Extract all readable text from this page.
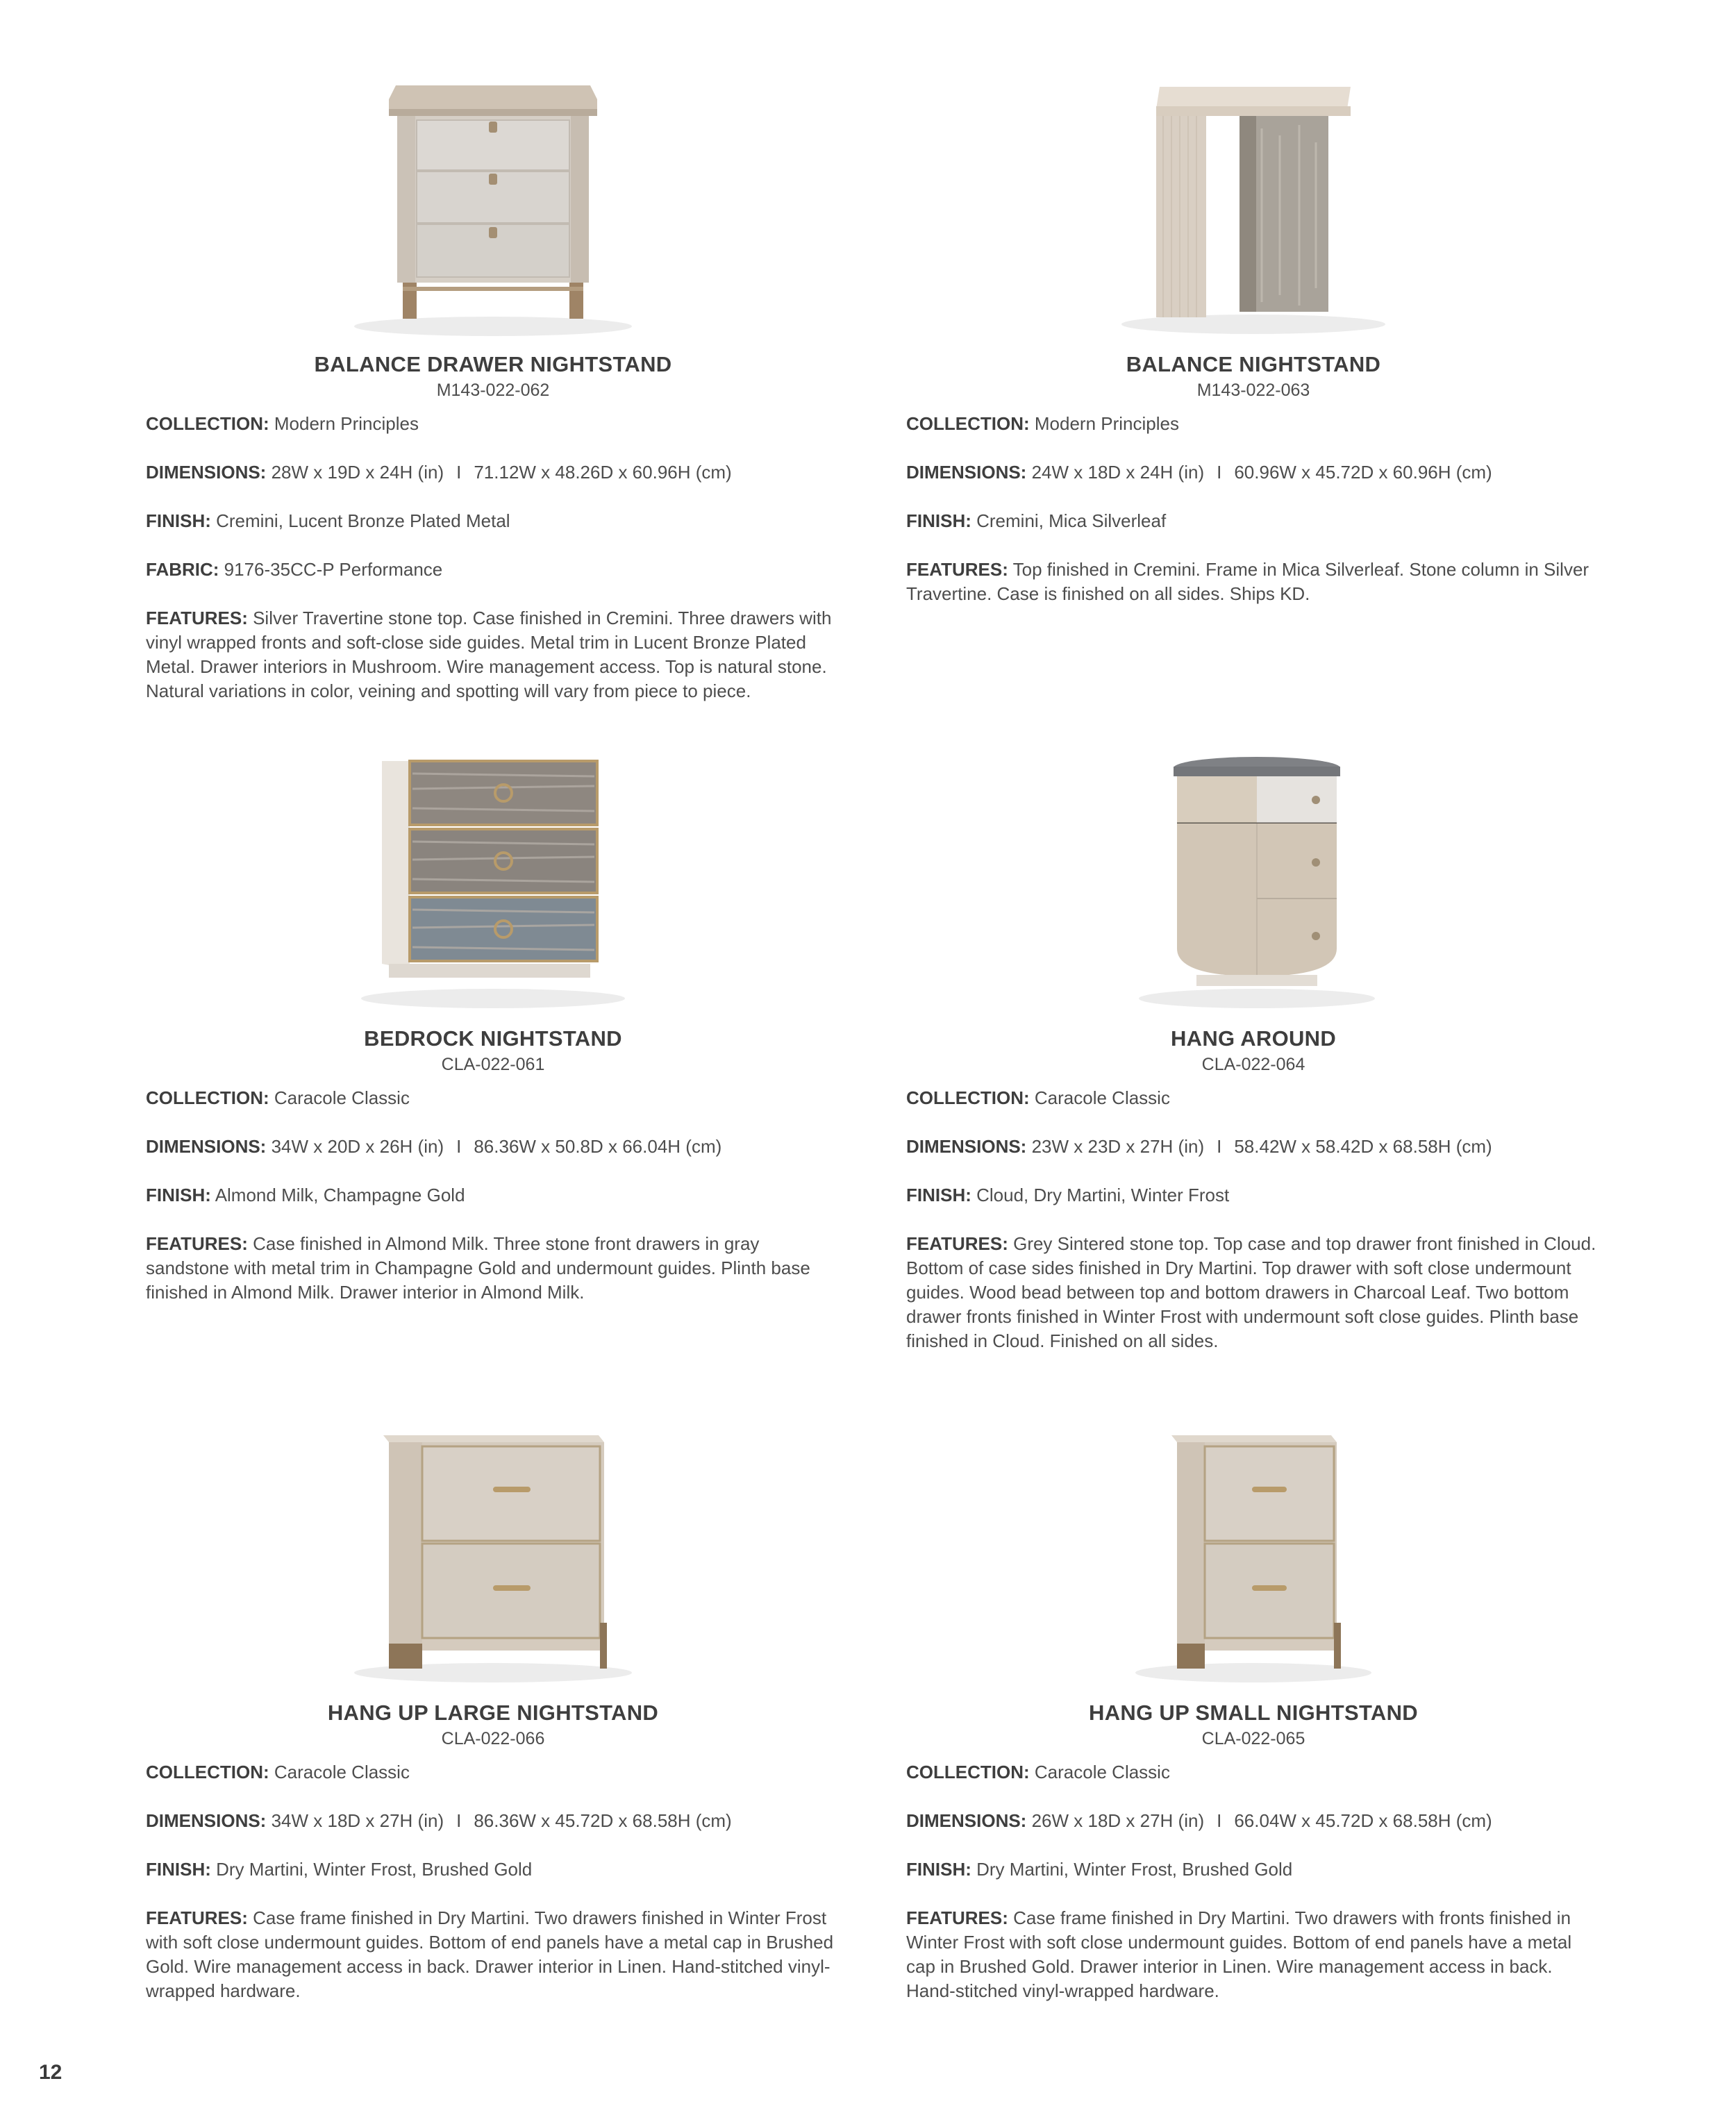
BALANCE DRAWER NIGHTSTAND

M143-022-062

COLLECTION: Modern Principles

DIMENSIONS: 28W x 19D x 24H (in) I 71.12W x 48.26D x 60.96H (cm)

FINISH: Cremini, Lucent Bronze Plated Metal

FABRIC: 9176-35CC-P Performance

FEATURES: Silver Travertine stone top. Case finished in Cremini. Three drawers with vinyl wrapped fronts and soft-close side guides. Metal trim in Lucent Bronze Plated Metal. Drawer interiors in Mushroom. Wire management access. Top is natural stone. Natural variations in color, veining and spotting will vary from piece to piece.

BALANCE NIGHTSTAND

M143-022-063

COLLECTION: Modern Principles

DIMENSIONS: 24W x 18D x 24H (in) I 60.96W x 45.72D x 60.96H (cm)

FINISH: Cremini, Mica Silverleaf

FEATURES: Top finished in Cremini. Frame in Mica Silverleaf. Stone column in Silver Travertine. Case is finished on all sides. Ships KD.

BEDROCK NIGHTSTAND

CLA-022-061

COLLECTION: Caracole Classic

DIMENSIONS: 34W x 20D x 26H (in) I 86.36W x 50.8D x 66.04H (cm)

FINISH: Almond Milk, Champagne Gold

FEATURES: Case finished in Almond Milk. Three stone front drawers in gray sandstone with metal trim in Champagne Gold and undermount guides. Plinth base finished in Almond Milk. Drawer interior in Almond Milk.

HANG AROUND

CLA-022-064

COLLECTION: Caracole Classic

DIMENSIONS: 23W x 23D x 27H (in) I 58.42W x 58.42D x 68.58H (cm)

FINISH: Cloud, Dry Martini, Winter Frost

FEATURES: Grey Sintered stone top. Top case and top drawer front finished in Cloud. Bottom of case sides finished in Dry Martini. Top drawer with soft close undermount guides. Wood bead between top and bottom drawers in Charcoal Leaf. Two bottom drawer fronts finished in Winter Frost with undermount soft close guides. Plinth base finished in Cloud. Finished on all sides.

HANG UP LARGE NIGHTSTAND

CLA-022-066

COLLECTION: Caracole Classic

DIMENSIONS: 34W x 18D x 27H (in) I 86.36W x 45.72D x 68.58H (cm)

FINISH: Dry Martini, Winter Frost, Brushed Gold

FEATURES: Case frame finished in Dry Martini. Two drawers finished in Winter Frost with soft close undermount guides. Bottom of end panels have a metal cap in Brushed Gold. Wire management access in back. Drawer interior in Linen. Hand-stitched vinyl-wrapped hardware.

HANG UP SMALL NIGHTSTAND

CLA-022-065

COLLECTION: Caracole Classic

DIMENSIONS: 26W x 18D x 27H (in) I 66.04W x 45.72D x 68.58H (cm)

FINISH: Dry Martini, Winter Frost, Brushed Gold

FEATURES: Case frame finished in Dry Martini. Two drawers with fronts finished in Winter Frost with soft close undermount guides. Bottom of end panels have a metal cap in Brushed Gold. Drawer interior in Linen. Wire management access in back. Hand-stitched vinyl-wrapped hardware.

12
